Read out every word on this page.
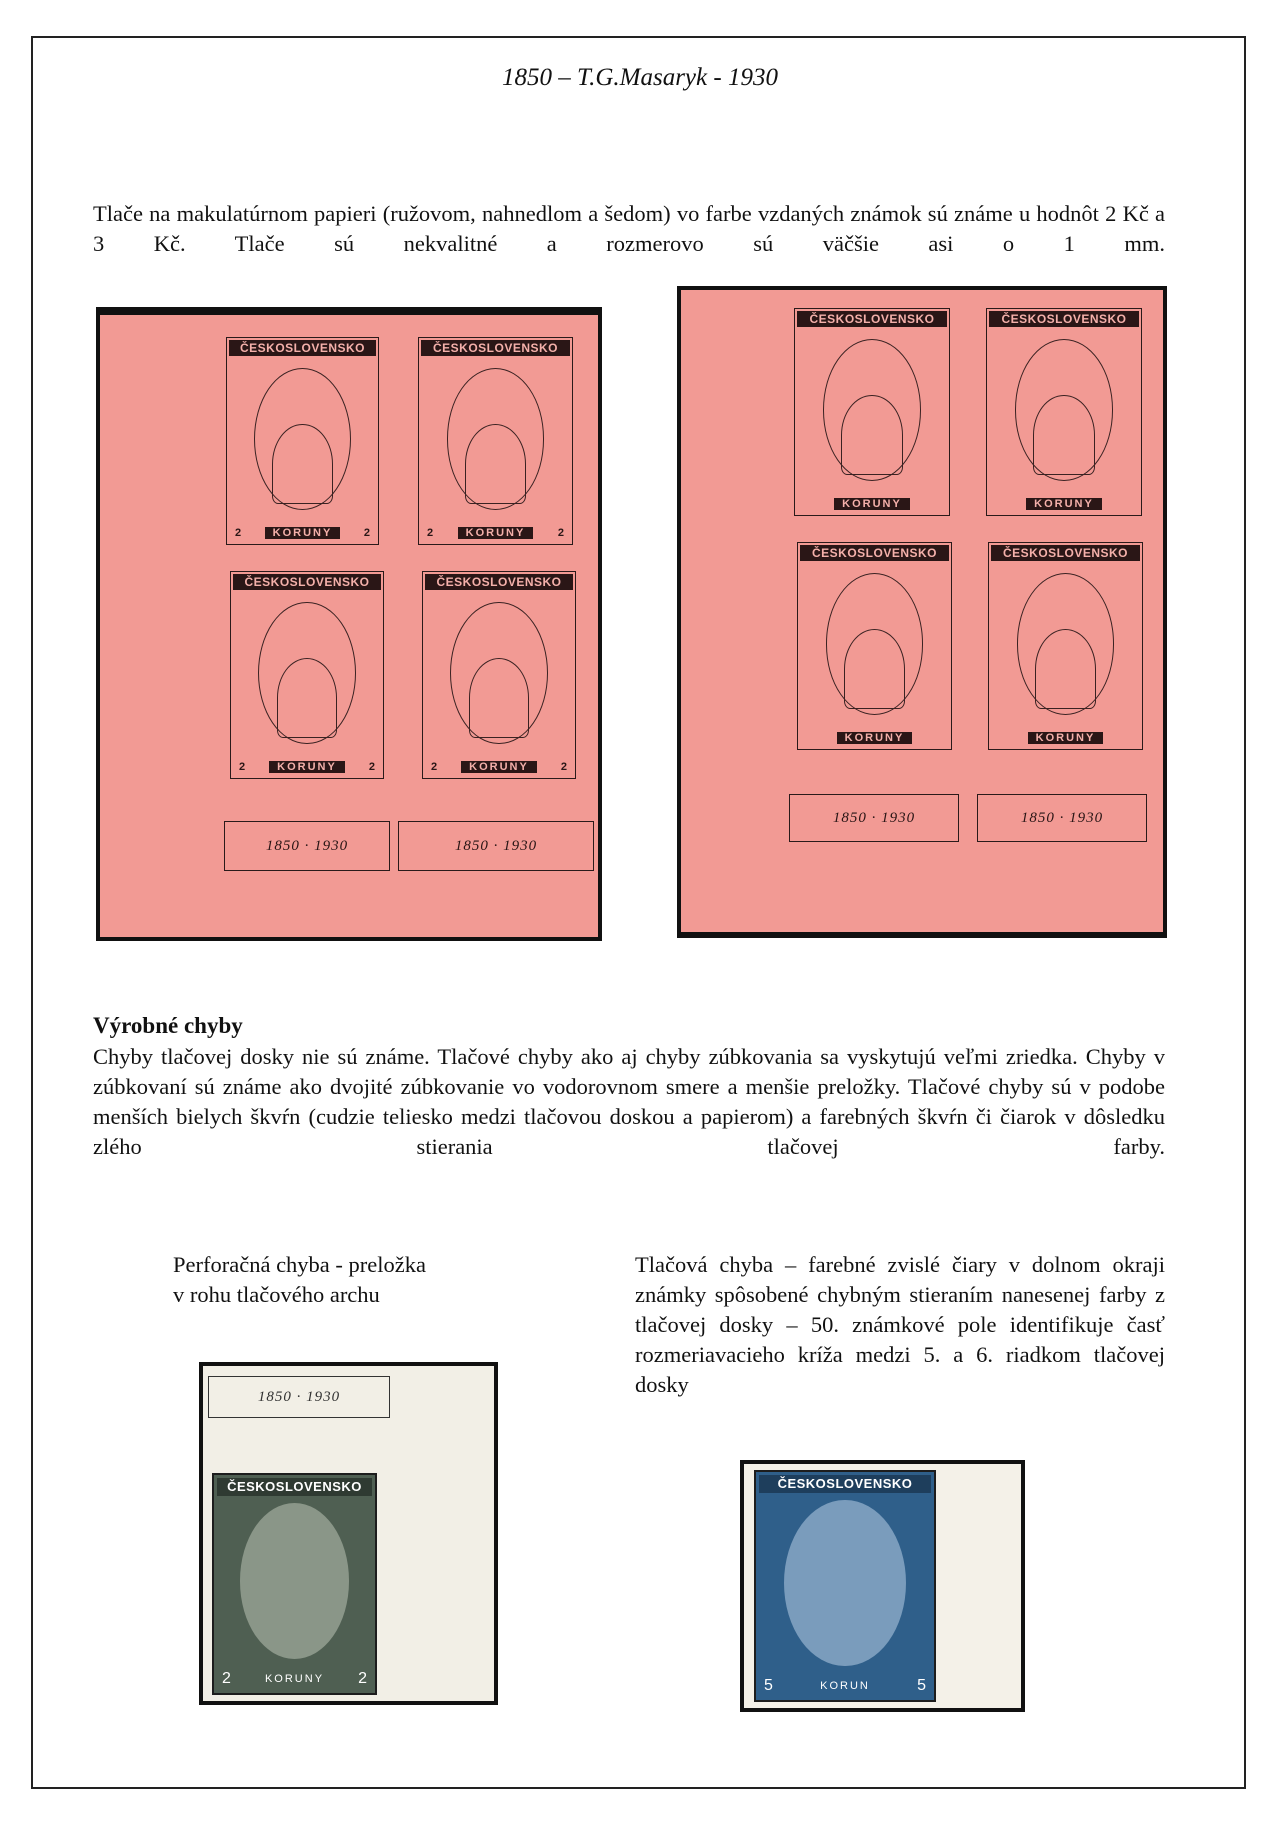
1850 – T.G.Masaryk - 1930
Tlače na makulatúrnom papieri (ružovom, nahnedlom a šedom) vo farbe vzdaných známok sú známe u hodnôt 2 Kč a 3 Kč. Tlače sú nekvalitné a rozmerovo sú väčšie asi o 1 mm.
ČESKOSLOVENSKO
2	KORUNY	2
ČESKOSLOVENSKO
2	KORUNY	2
ČESKOSLOVENSKO
2	KORUNY	2
ČESKOSLOVENSKO
2	KORUNY	2
1850 · 1930	1850 · 1930
ČESKOSLOVENSKO
KORUNY
ČESKOSLOVENSKO
KORUNY
ČESKOSLOVENSKO
KORUNY
ČESKOSLOVENSKO
KORUNY
1850 · 1930	1850 · 1930
Výrobné chyby
Chyby tlačovej dosky nie sú známe. Tlačové chyby ako aj chyby zúbkovania sa vyskytujú veľmi zriedka. Chyby v zúbkovaní sú známe ako dvojité zúbkovanie vo vodorovnom smere a menšie preložky. Tlačové chyby sú v podobe menších bielych škvŕn (cudzie teliesko medzi tlačovou doskou a papierom) a farebných škvŕn či čiarok v dôsledku zlého stierania tlačovej farby.
Perforačná chyba - preložka
v rohu tlačového archu
Tlačová chyba – farebné zvislé čiary v dolnom okraji známky spôsobené chybným stieraním nanesenej farby z tlačovej dosky – 50. známkové pole identifikuje časť rozmeriavacieho kríža medzi 5. a 6. riadkom tlačovej dosky
1850 · 1930
ČESKOSLOVENSKO
2	KORUNY 2
ČESKOSLOVENSKO
5	KORUN	5
